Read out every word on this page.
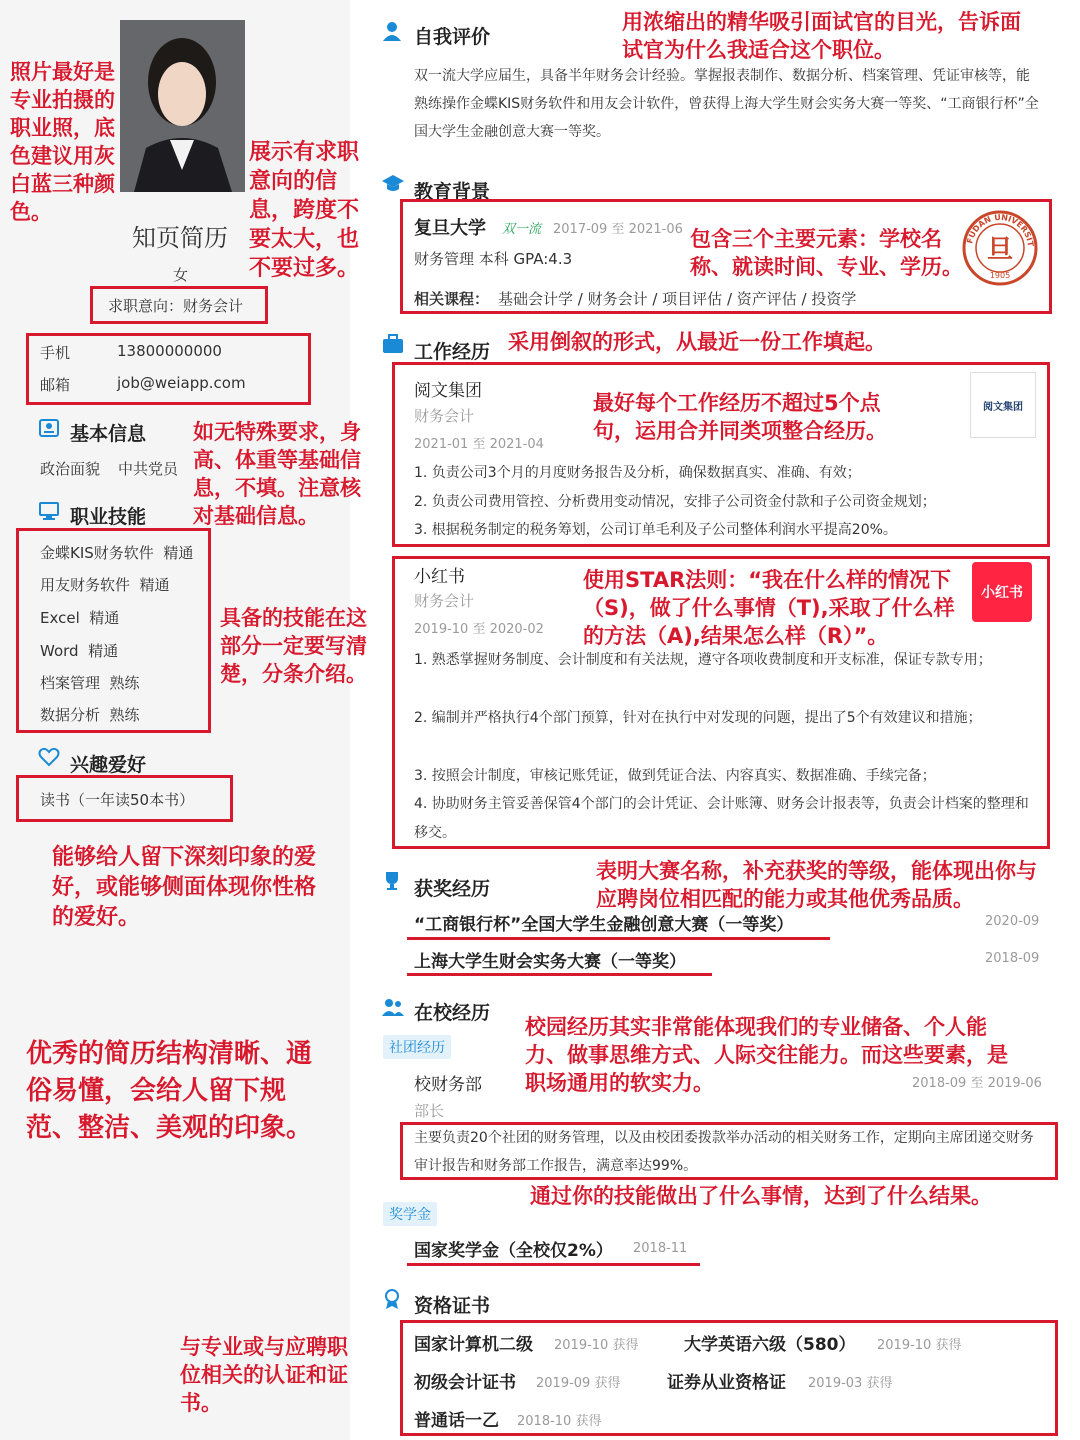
照片最好是专业拍摄的职业照，底色建议用灰白蓝三种颜色。
知页简历
女
求职意向：财务会计
展示有求职意向的信息，跨度不要太大，也不要过多。
手机	13800000000
邮箱	job@weiapp.com
基本信息
政治面貌 中共党员
如无特殊要求，身高、体重等基础信息，不填。注意核对基础信息。
职业技能
金蝶KIS财务软件  精通
用友财务软件  精通
Excel  精通
Word  精通
档案管理  熟练
数据分析  熟练
具备的技能在这部分一定要写清楚，分条介绍。
兴趣爱好
读书（一年读50本书）
能够给人留下深刻印象的爱好，或能够侧面体现你性格的爱好。
优秀的简历结构清晰、通俗易懂，会给人留下规范、整洁、美观的印象。
与专业或与应聘职位相关的认证和证书。
自我评价
用浓缩出的精华吸引面试官的目光，告诉面试官为什么我适合这个职位。
双一流大学应届生，具备半年财务会计经验。掌握报表制作、数据分析、档案管理、凭证审核等，能熟练操作金蝶KIS财务软件和用友会计软件，曾获得上海大学生财会实务大赛一等奖、“工商银行杯”全国大学生金融创意大赛一等奖。
教育背景
复旦大学 双一流 2017-09 至 2021-06
财务管理 本科 GPA:4.3
相关课程： 基础会计学 / 财务会计 / 项目评估 / 资产评估 / 投资学
包含三个主要元素：学校名称、就读时间、专业、学历。
FUDAN UNIVERSIT
旦
1905
工作经历 采用倒叙的形式，从最近一份工作填起。
阅文集团
财务会计
2021-01 至 2021-04
最好每个工作经历不超过5个点句，运用合并同类项整合经历。
阅文集团
1. 负责公司3个月的月度财务报告及分析，确保数据真实、准确、有效；
2. 负责公司费用管控、分析费用变动情况，安排子公司资金付款和子公司资金规划；
3. 根据税务制定的税务筹划，公司订单毛利及子公司整体利润水平提高20%。
小红书
财务会计
2019-10 至 2020-02
使用STAR法则：“我在什么样的情况下（S)，做了什么事情（T),采取了什么样的方法（A),结果怎么样（R）”。
小红书
1. 熟悉掌握财务制度、会计制度和有关法规，遵守各项收费制度和开支标准，保证专款专用；
2. 编制并严格执行4个部门预算，针对在执行中对发现的问题，提出了5个有效建议和措施；
3. 按照会计制度，审核记账凭证，做到凭证合法、内容真实、数据准确、手续完备；
4. 协助财务主管妥善保管4个部门的会计凭证、会计账簿、财务会计报表等，负责会计档案的整理和移交。
获奖经历
表明大赛名称，补充获奖的等级，能体现出你与应聘岗位相匹配的能力或其他优秀品质。
“工商银行杯”全国大学生金融创意大赛（一等奖）	2020-09
上海大学生财会实务大赛（一等奖）	2018-09
在校经历
校园经历其实非常能体现我们的专业储备、个人能力、做事思维方式、人际交往能力。而这些要素，是职场通用的软实力。
社团经历
校财务部	2018-09 至 2019-06
部长
主要负责20个社团的财务管理，以及由校团委拨款举办活动的相关财务工作，定期向主席团递交财务审计报告和财务部工作报告，满意率达99%。
通过你的技能做出了什么事情，达到了什么结果。
奖学金
国家奖学金（全校仅2%） 2018-11
资格证书
国家计算机二级 2019-10 获得	大学英语六级（580） 2019-10 获得
初级会计证书 2019-09 获得	证券从业资格证 2019-03 获得
普通话一乙 2018-10 获得
